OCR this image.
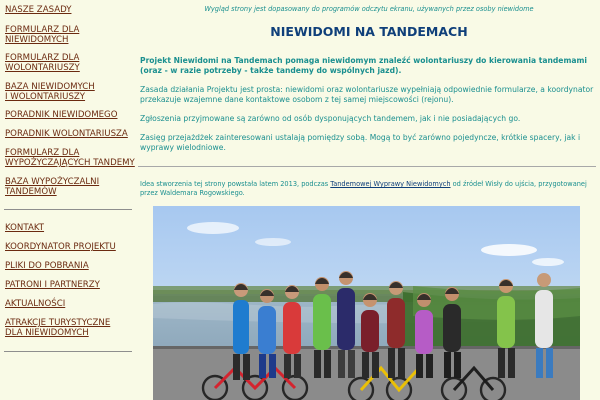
NASZE ZASADY
FORMULARZ DLA
NIEWIDOMYCH
FORMULARZ DLA
WOLONTARIUSZY
BAZA NIEWIDOMYCH
I WOLONTARIUSZY
PORADNIK NIEWIDOMEGO
PORADNIK WOLONTARIUSZA
FORMULARZ DLA
WYPOŻYCZAJĄCYCH TANDEMY
BAZA WYPOŻYCZALNI
TANDEMÓW
KONTAKT
KOORDYNATOR PROJEKTU
PLIKI DO POBRANIA
PATRONI I PARTNERZY
AKTUALNOŚCI
ATRAKCJE TURYSTYCZNE
DLA NIEWIDOMYCH
Wygląd strony jest dopasowany do programów odczytu ekranu, używanych przez osoby niewidome
NIEWIDOMI NA TANDEMACH
Projekt Niewidomi na Tandemach pomaga niewidomym znaleźć wolontariuszy do kierowania tandemami (oraz - w razie potrzeby - także tandemy do wspólnych jazd).
Zasada działania Projektu jest prosta: niewidomi oraz wolontariusze wypełniają odpowiednie formularze, a koordynator przekazuje wzajemne dane kontaktowe osobom z tej samej miejscowości (rejonu).
Zgłoszenia przyjmowane są zarówno od osób dysponujących tandemem, jak i nie posiadających go.
Zasięg przejażdżek zainteresowani ustalają pomiędzy sobą. Mogą to być zarówno pojedyncze, krótkie spacery, jak i wyprawy wielodniowe.
Idea stworzenia tej strony powstała latem 2013, podczas Tandemowej Wyprawy Niewidomych od źródeł Wisły do ujścia, przygotowanej przez Waldemara Rogowskiego.
